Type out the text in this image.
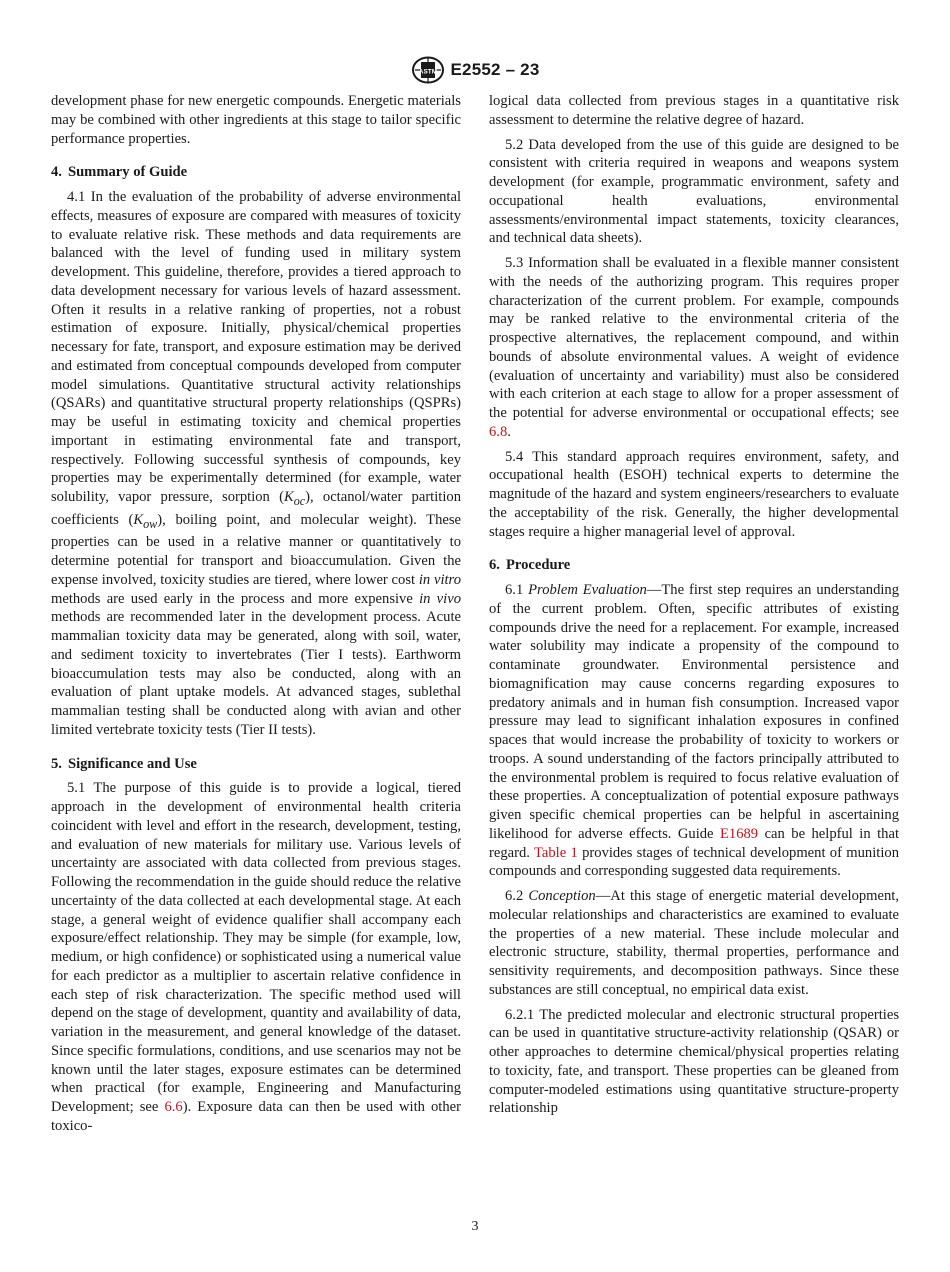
ASTM E2552 – 23

development phase for new energetic compounds. Energetic materials may be combined with other ingredients at this stage to tailor specific performance properties.

4. Summary of Guide

4.1 In the evaluation of the probability of adverse environmental effects, measures of exposure are compared with measures of toxicity to evaluate relative risk. These methods and data requirements are balanced with the level of funding used in military system development. This guideline, therefore, provides a tiered approach to data development necessary for various levels of hazard assessment. Often it results in a relative ranking of properties, not a robust estimation of exposure. Initially, physical/chemical properties necessary for fate, transport, and exposure estimation may be derived and estimated from conceptual compounds developed from computer model simulations. Quantitative structural activity relationships (QSARs) and quantitative structural property relationships (QSPRs) may be useful in estimating toxicity and chemical properties important in estimating environmental fate and transport, respectively. Following successful synthesis of compounds, key properties may be experimentally determined (for example, water solubility, vapor pressure, sorption $(K_{oc})$, octanol/water partition coefficients $(K_{ow})$, boiling point, and molecular weight). These properties can be used in a relative manner or quantitatively to determine potential for transport and bioaccumulation. Given the expense involved, toxicity studies are tiered, where lower cost in vitro methods are used early in the process and more expensive in vivo methods are recommended later in the development process. Acute mammalian toxicity data may be generated, along with soil, water, and sediment toxicity to invertebrates (Tier I tests). Earthworm bioaccumulation tests may also be conducted, along with an evaluation of plant uptake models. At advanced stages, sublethal mammalian testing shall be conducted along with avian and other limited vertebrate toxicity tests (Tier II tests).

5. Significance and Use

5.1 The purpose of this guide is to provide a logical, tiered approach in the development of environmental health criteria coincident with level and effort in the research, development, testing, and evaluation of new materials for military use. Various levels of uncertainty are associated with data collected from previous stages. Following the recommendation in the guide should reduce the relative uncertainty of the data collected at each developmental stage. At each stage, a general weight of evidence qualifier shall accompany each exposure/effect relationship. They may be simple (for example, low, medium, or high confidence) or sophisticated using a numerical value for each predictor as a multiplier to ascertain relative confidence in each step of risk characterization. The specific method used will depend on the stage of development, quantity and availability of data, variation in the measurement, and general knowledge of the dataset. Since specific formulations, conditions, and use scenarios may not be known until the later stages, exposure estimates can be determined when practical (for example, Engineering and Manufacturing Development; see 6.6). Exposure data can then be used with other toxico-

logical data collected from previous stages in a quantitative risk assessment to determine the relative degree of hazard.

5.2 Data developed from the use of this guide are designed to be consistent with criteria required in weapons and weapons system development (for example, programmatic environment, safety and occupational health evaluations, environmental assessments/environmental impact statements, toxicity clearances, and technical data sheets).

5.3 Information shall be evaluated in a flexible manner consistent with the needs of the authorizing program. This requires proper characterization of the current problem. For example, compounds may be ranked relative to the environmental criteria of the prospective alternatives, the replacement compound, and within bounds of absolute environmental values. A weight of evidence (evaluation of uncertainty and variability) must also be considered with each criterion at each stage to allow for a proper assessment of the potential for adverse environmental or occupational effects; see 6.8.

5.4 This standard approach requires environment, safety, and occupational health (ESOH) technical experts to determine the magnitude of the hazard and system engineers/researchers to evaluate the acceptability of the risk. Generally, the higher developmental stages require a higher managerial level of approval.

6. Procedure

6.1 Problem Evaluation—The first step requires an understanding of the current problem. Often, specific attributes of existing compounds drive the need for a replacement. For example, increased water solubility may indicate a propensity of the compound to contaminate groundwater. Environmental persistence and biomagnification may cause concerns regarding exposures to predatory animals and in human fish consumption. Increased vapor pressure may lead to significant inhalation exposures in confined spaces that would increase the probability of toxicity to workers or troops. A sound understanding of the factors principally attributed to the environmental problem is required to focus relative evaluation of these properties. A conceptualization of potential exposure pathways given specific chemical properties can be helpful in ascertaining likelihood for adverse effects. Guide E1689 can be helpful in that regard. Table 1 provides stages of technical development of munition compounds and corresponding suggested data requirements.

6.2 Conception—At this stage of energetic material development, molecular relationships and characteristics are examined to evaluate the properties of a new material. These include molecular and electronic structure, stability, thermal properties, performance and sensitivity requirements, and decomposition pathways. Since these substances are still conceptual, no empirical data exist.

6.2.1 The predicted molecular and electronic structural properties can be used in quantitative structure-activity relationship (QSAR) or other approaches to determine chemical/physical properties relating to toxicity, fate, and transport. These properties can be gleaned from computer-modeled estimations using quantitative structure-property relationship

3
